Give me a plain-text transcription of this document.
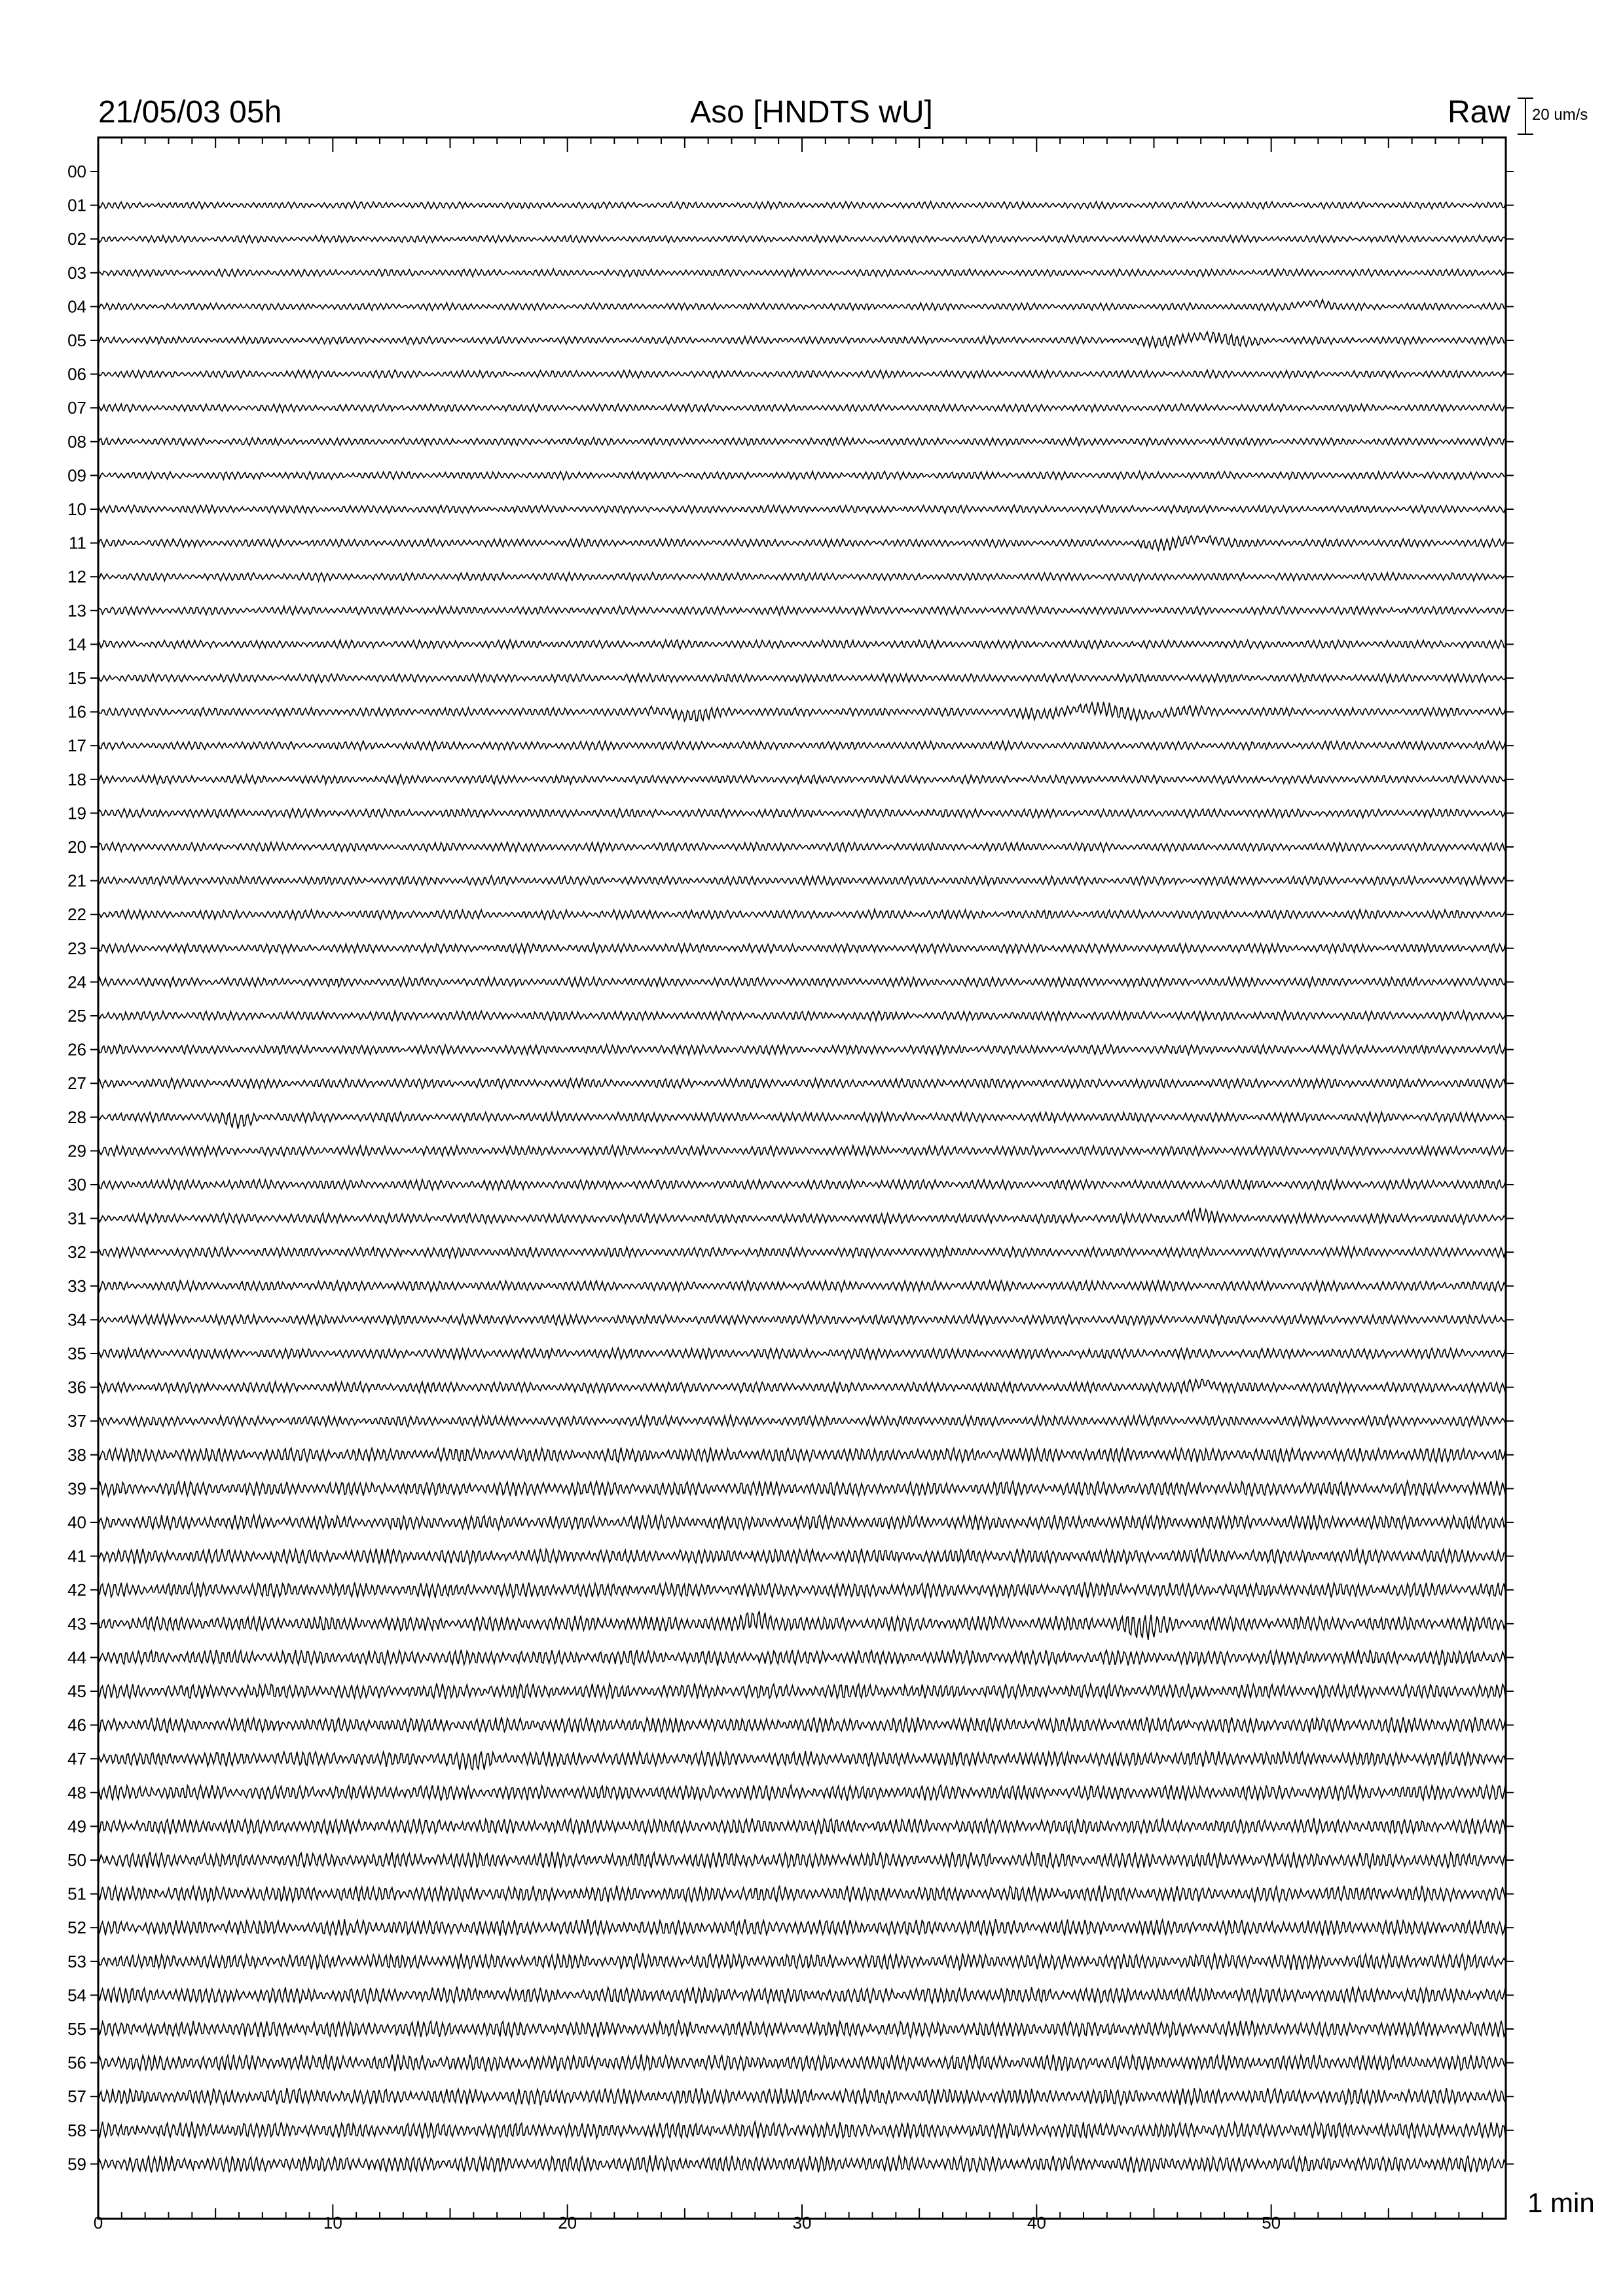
00
01
02
03
04
05
06
07
08
09
10
11
12
13
14
15
16
17
18
19
20
21
22
23
24
25
26
27
28
29
30
31
32
33
34
35
36
37
38
39
40
41
42
43
44
45
46
47
48
49
50
51
52
53
54
55
56
57
58
59
0	10	20	30	40	50
21/05/03 05h	Aso [HNDTS wU]	Raw 20 um/s
1 min
